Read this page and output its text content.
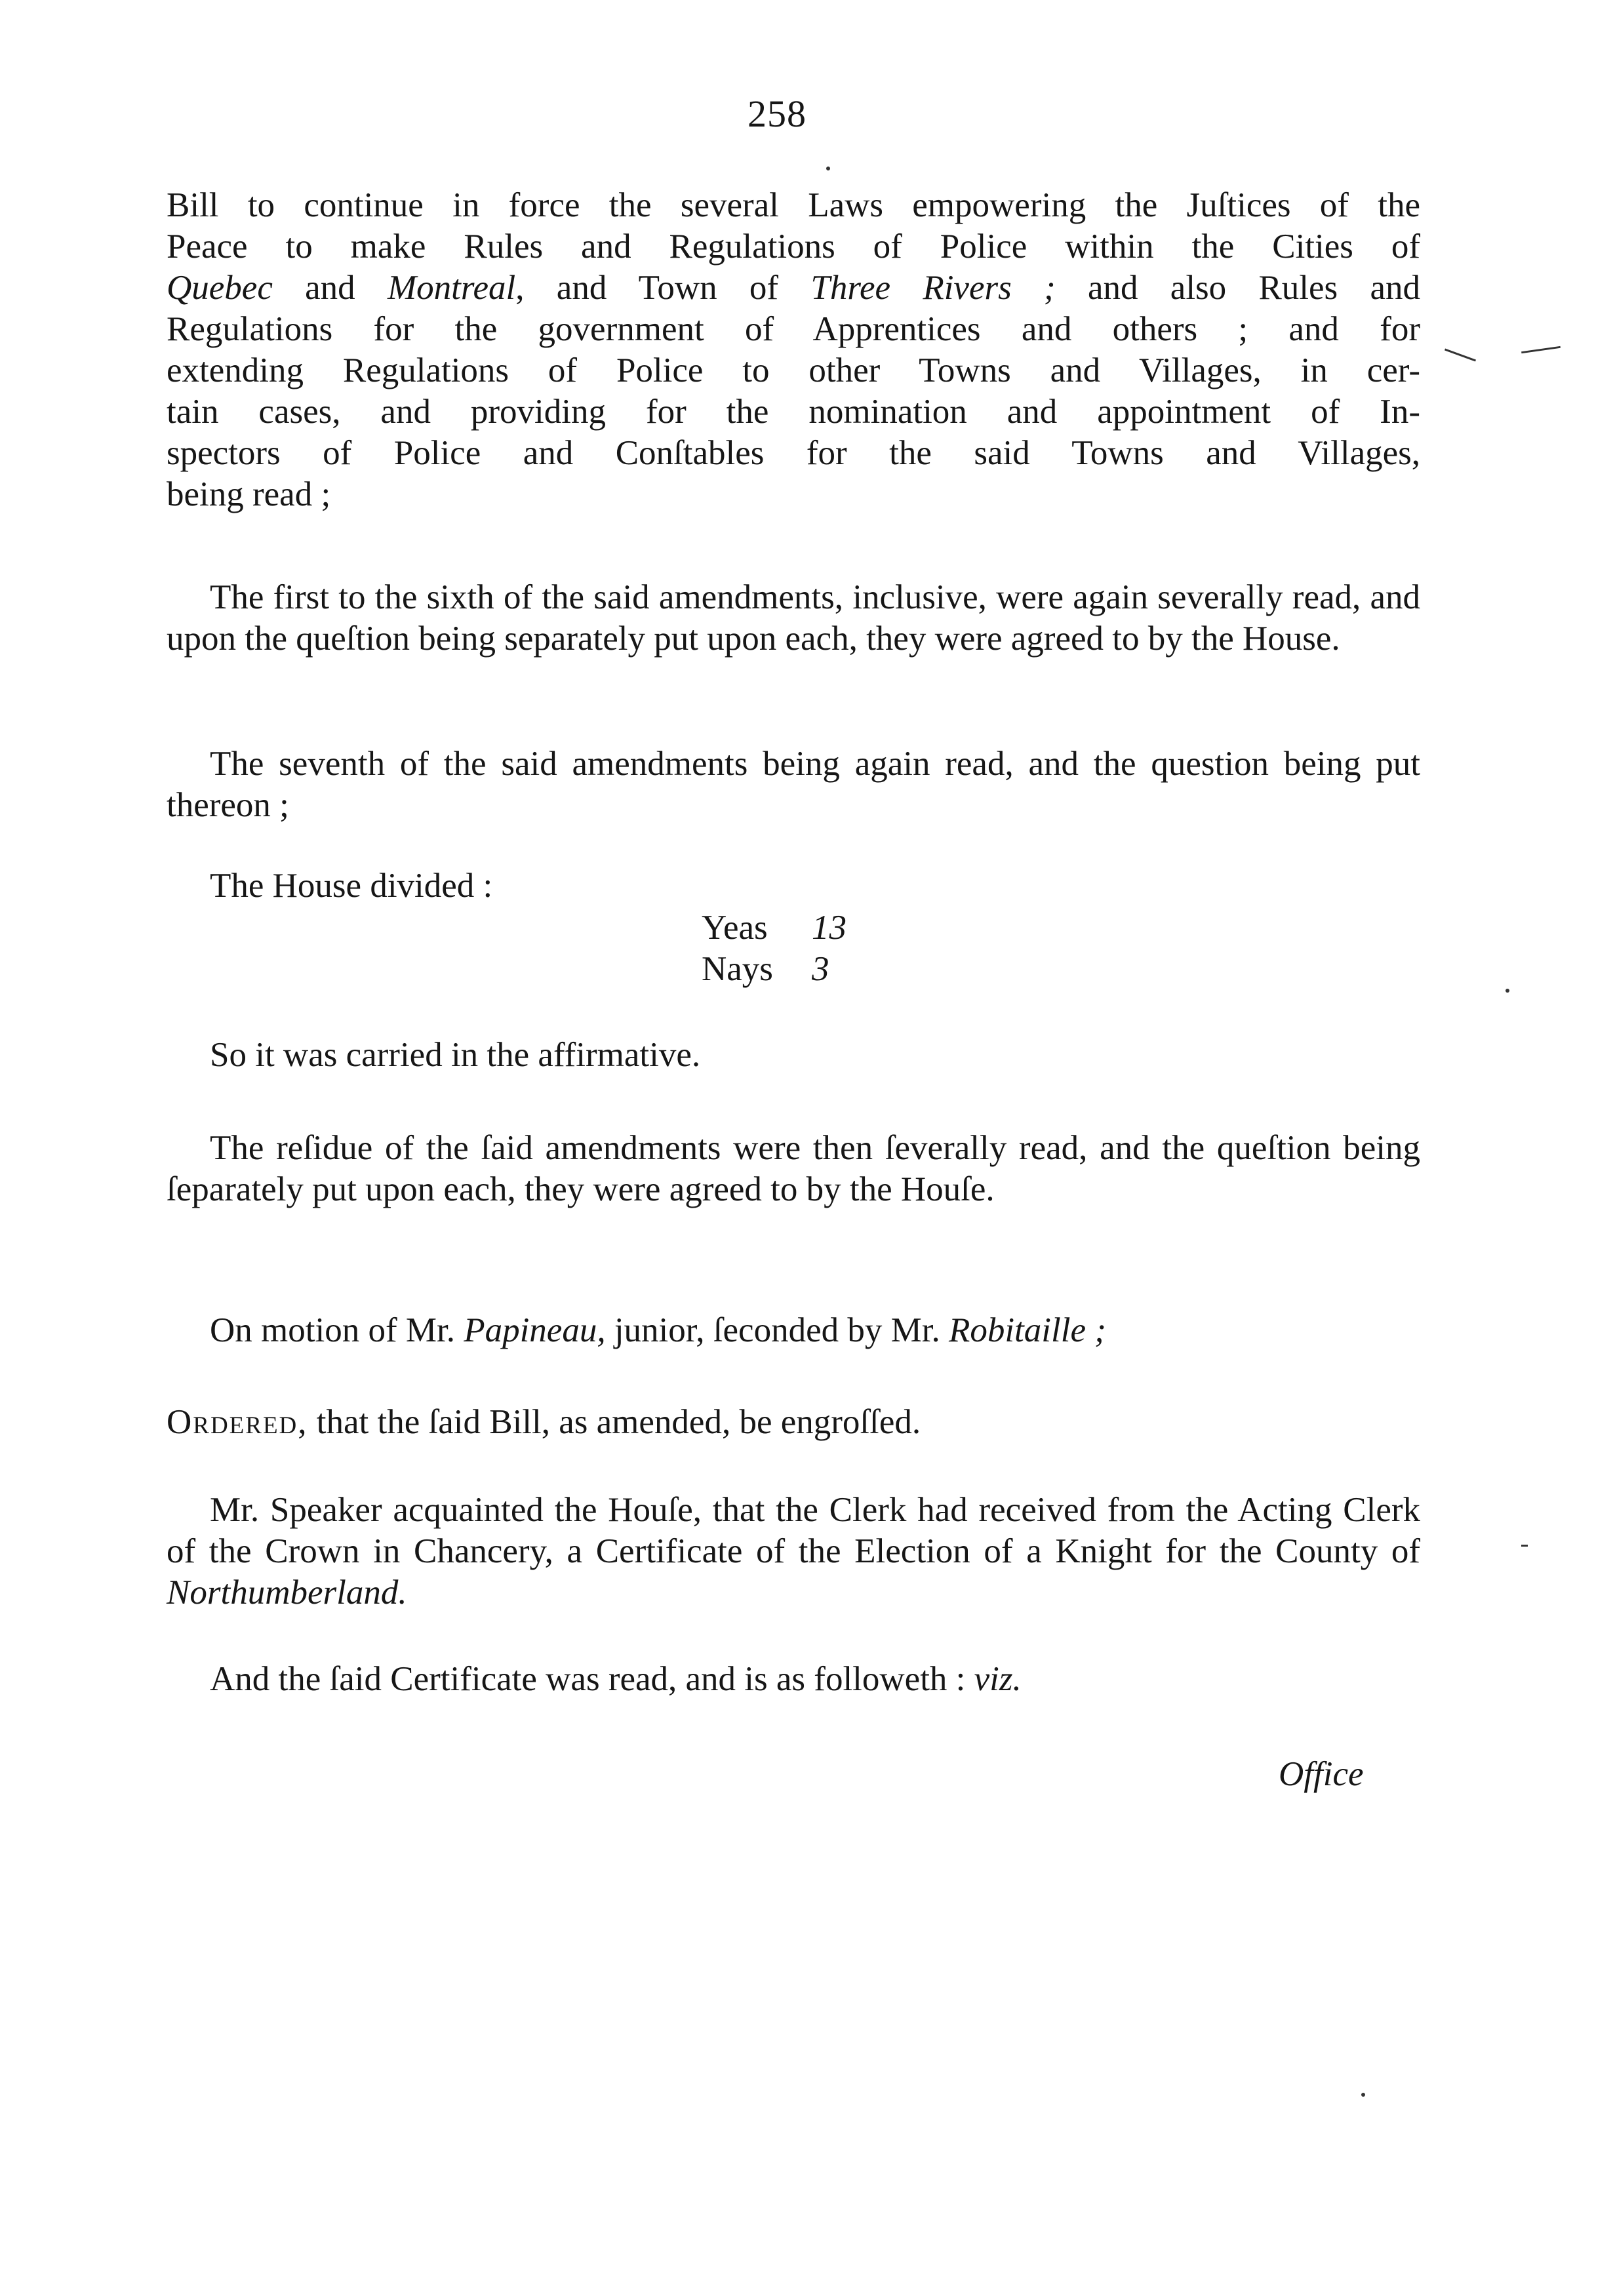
258
Bill to continue in force the several Laws empowering the Juſtices of the
Peace to make Rules and Regulations of Police within the Cities of
Quebec and Montreal, and Town of Three Rivers ; and also Rules and
Regulations for the government of Apprentices and others ; and for
extending Regulations of Police to other Towns and Villages, in cer-
tain cases, and providing for the nomination and appointment of In-
spectors of Police and Conſtables for the said Towns and Villages,
being read ;
The first to the sixth of the said amendments, inclusive, were again severally read, and upon the queſtion being separately put upon each, they were agreed to by the House.
The seventh of the said amendments being again read, and the question being put thereon ;
The House divided :
Yeas	13
Nays	3
So it was carried in the affirmative.
The reſidue of the ſaid amendments were then ſeverally read, and the queſtion being ſeparately put upon each, they were agreed to by the Houſe.
On motion of Mr. Papineau, junior, ſeconded by Mr. Robitaille ;
Ordered, that the ſaid Bill, as amended, be engroſſed.
Mr. Speaker acquainted the Houſe, that the Clerk had received from the Acting Clerk of the Crown in Chancery, a Certificate of the Election of a Knight for the County of Northumberland.
And the ſaid Certificate was read, and is as followeth : viz.
Office
